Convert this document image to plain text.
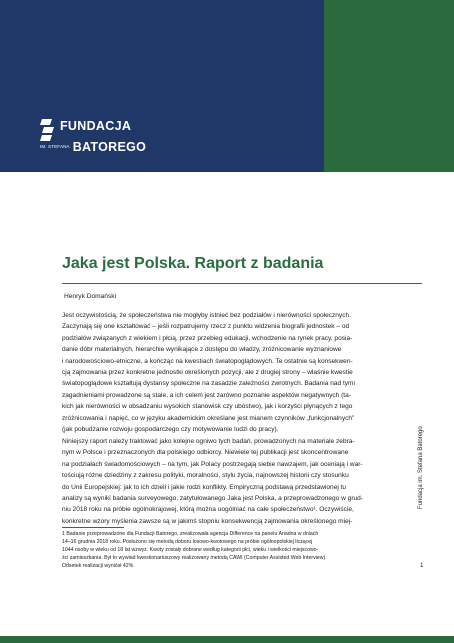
FUNDACJA
IM. STEFANA BATOREGO
Jaka jest Polska. Raport z badania
Henryk Domański
Jest oczywistością, że społeczeństwa nie mogłyby istnieć bez podziałów i nierówności społecznych.
Zaczynają się one kształtować – jeśli rozpatrujemy rzecz z punktu widzenia biografii jednostek – od
podziałów związanych z wiekiem i płcią, przez przebieg edukacji, wchodzenie na rynek pracy, posia-
danie dóbr materialnych, hierarchie wynikające z dostępu do władzy, zróżnicowanie wyznaniowe
i narodowościowo-etniczne, a kończąc na kwestiach światopoglądowych. Te ostatnie są konsekwen-
cją zajmowania przez konkretne jednostki określonych pozycji, ale z drugiej strony – właśnie kwestie
światopoglądowe kształtują dystansy społeczne na zasadzie zależności zwrotnych. Badania nad tymi
zagadnieniami prowadzone są stale, a ich celem jest zarówno poznanie aspektów negatywnych (ta-
kich jak nierówności w obsadzaniu wysokich stanowisk czy ubóstwo), jak i korzyści płynących z tego
zróżnicowania i napięć, co w języku akademickim określane jest mianem czynników „funkcjonalnych”
(jak pobudzanie rozwoju gospodarczego czy motywowanie ludzi do pracy).
Niniejszy raport należy traktować jako kolejne ogniwo tych badań, prowadzonych na materiale zebra-
nym w Polsce i przeznaczonych dla polskiego odbiorcy. Niewiele tej publikacji jest skoncentrowane
na podziałach świadomościowych – na tym, jak Polacy postrzegają siebie nawzajem, jak oceniają i war-
tościują różne dziedziny z zakresu polityki, moralności, stylu życia, najnowszej historii czy stosunku
do Unii Europejskiej: jak to ich dzieli i jakie rodzi konflikty. Empiryczną podstawą przedstawionej tu
analizy są wyniki badania surveyowego, zatytułowanego Jaka jest Polska, a przeprowadzonego w grud-
niu 2018 roku na próbie ogólnokrajowej, którą można uogólniać na całe społeczeństwo¹. Oczywiście,
konkretne wzory myślenia zawsze są w jakimś stopniu konsekwencją zajmowania określonego miej-
1 Badanie przeprowadzone dla Fundacji Batorego, zrealizowała agencja Difference na panelu Ariadna w dniach
14–16 grudnia 2018 roku. Posłużono się metodą doboru losowo-kwotowego na próbie ogólnopolskiej liczącej
1044 osoby w wieku od 18 lat wzwyż. Kwoty zostały dobrane według kategorii płci, wieku i wielkości miejscowo-
ści zamieszkania. Był to wywiad kwestionariuszowy realizowany metodą CAWI (Computer Assisted Web Interview).
Odsetek realizacji wyniósł 42%.
Fundacja im. Stefana Batorego
1
